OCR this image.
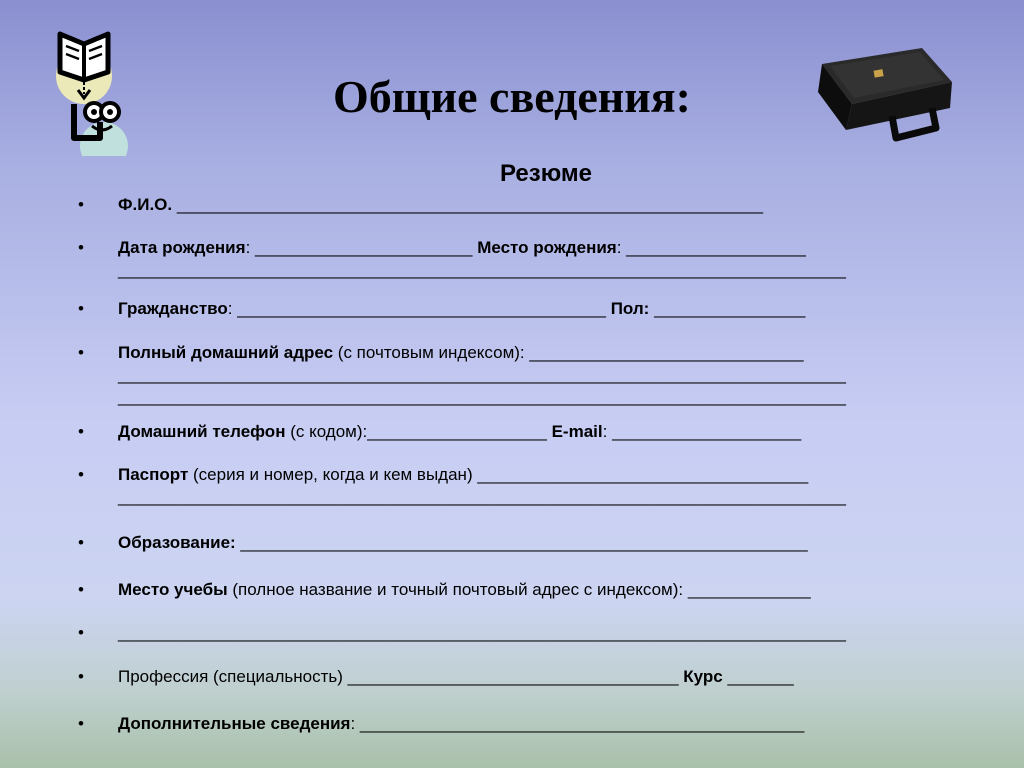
Общие сведения:
Резюме
•	Ф.И.О. ______________________________________________________________
•	Дата рождения: _______________________ Место рождения: ___________________
_____________________________________________________________________________
•	Гражданство: _______________________________________ Пол: ________________
•	Полный домашний адрес (с почтовым индексом): _____________________________
_____________________________________________________________________________
_____________________________________________________________________________
•	Домашний телефон (с кодом):___________________ E-mail: ____________________
•	Паспорт (серия и номер, когда и кем выдан) ___________________________________
_____________________________________________________________________________
•	Образование: ____________________________________________________________
•	Место учебы (полное название и точный почтовый адрес с индексом): _____________
•	_____________________________________________________________________________
•	Профессия (специальность) ___________________________________ Курс _______
•	Дополнительные сведения: _______________________________________________
